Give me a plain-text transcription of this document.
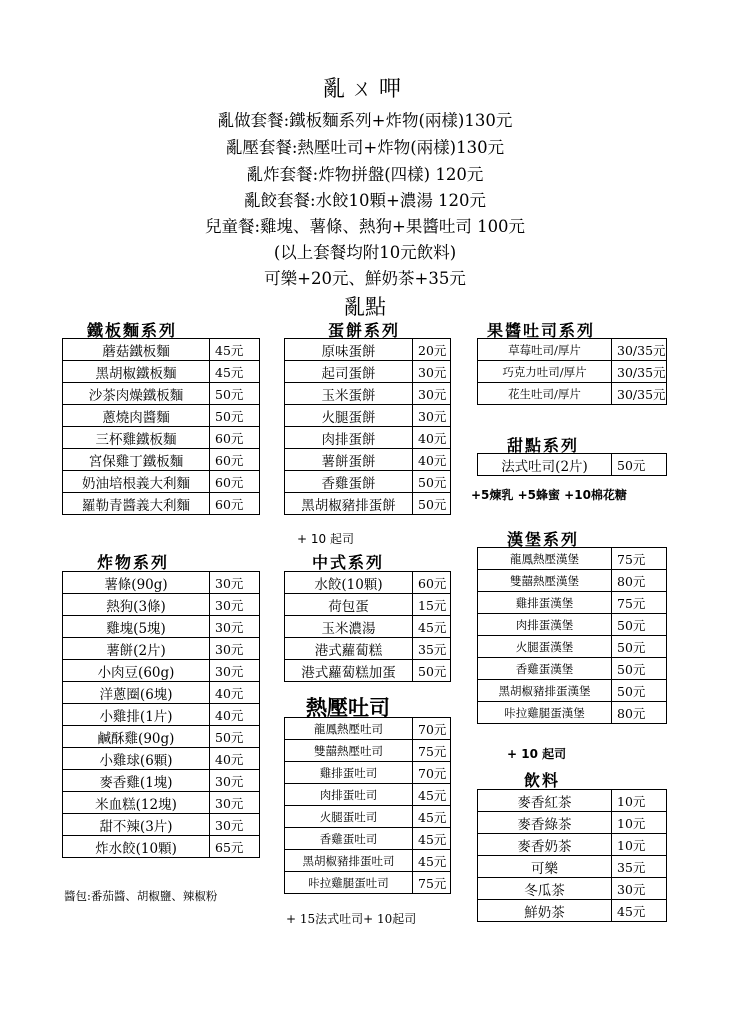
亂ㄨ呷
亂做套餐:鐵板麵系列+炸物(兩樣)130元
亂壓套餐:熱壓吐司+炸物(兩樣)130元
亂炸套餐:炸物拼盤(四樣) 120元
亂餃套餐:水餃10顆+濃湯 120元
兒童餐:雞塊、薯條、熱狗+果醬吐司 100元
(以上套餐均附10元飲料)
可樂+20元、鮮奶茶+35元
亂點
鐵板麵系列	蛋餅系列	果醬吐司系列
甜點系列
漢堡系列
炸物系列	中式系列
熱壓吐司
飲料
蘑菇鐵板麵	45元
黑胡椒鐵板麵	45元
沙茶肉燥鐵板麵	50元
蔥燒肉醬麵	50元
三杯雞鐵板麵	60元
宮保雞丁鐵板麵	60元
奶油培根義大利麵	60元
羅勒青醬義大利麵	60元
原味蛋餅	20元
起司蛋餅	30元
玉米蛋餅	30元
火腿蛋餅	30元
肉排蛋餅	40元
薯餅蛋餅	40元
香雞蛋餅	50元
黑胡椒豬排蛋餅	50元
草莓吐司/厚片	30/35元
巧克力吐司/厚片	30/35元
花生吐司/厚片	30/35元
法式吐司(2片)	50元
龍鳳熱壓漢堡	75元
雙囍熱壓漢堡	80元
雞排蛋漢堡	75元
肉排蛋漢堡	50元
火腿蛋漢堡	50元
香雞蛋漢堡	50元
黑胡椒豬排蛋漢堡	50元
咔拉雞腿蛋漢堡	80元
薯條(90g)	30元
熱狗(3條)	30元
雞塊(5塊)	30元
薯餅(2片)	30元
小肉豆(60g)	30元
洋蔥圈(6塊)	40元
小雞排(1片)	40元
鹹酥雞(90g)	50元
小雞球(6顆)	40元
麥香雞(1塊)	30元
米血糕(12塊)	30元
甜不辣(3片)	30元
炸水餃(10顆)	65元
水餃(10顆)	60元
荷包蛋	15元
玉米濃湯	45元
港式蘿蔔糕	35元
港式蘿蔔糕加蛋	50元
龍鳳熱壓吐司	70元
雙囍熱壓吐司	75元
雞排蛋吐司	70元
肉排蛋吐司	45元
火腿蛋吐司	45元
香雞蛋吐司	45元
黑胡椒豬排蛋吐司	45元
咔拉雞腿蛋吐司	75元
麥香紅茶	10元
麥香綠茶	10元
麥香奶茶	10元
可樂	35元
冬瓜茶	30元
鮮奶茶	45元
+ 10 起司
+5煉乳 +5蜂蜜 +10棉花糖
+ 10 起司
醬包:番茄醬、胡椒鹽、辣椒粉
+ 15法式吐司+ 10起司
